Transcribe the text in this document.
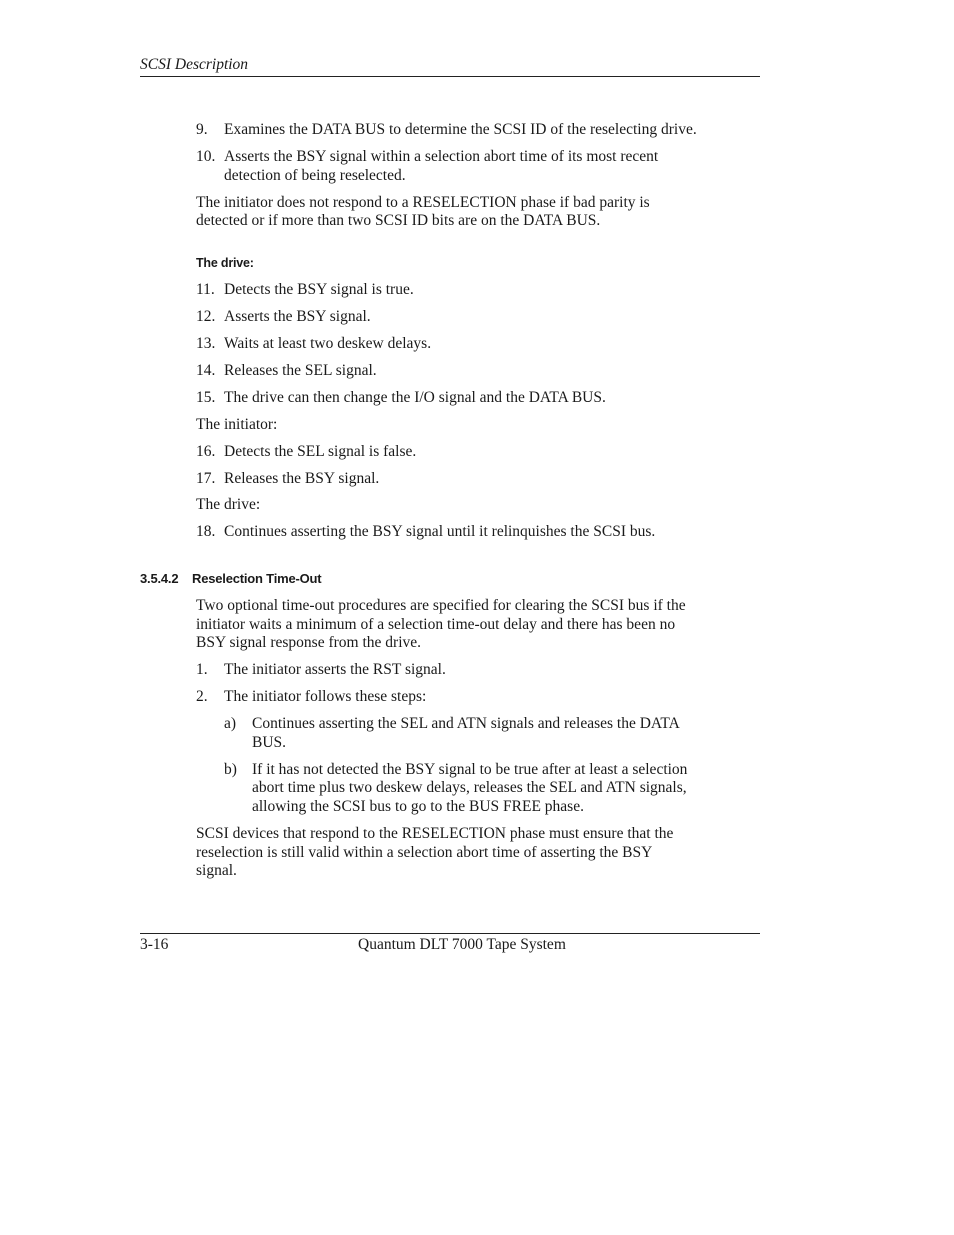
SCSI Description
9. Examines the DATA BUS to determine the SCSI ID of the reselecting drive.
10. Asserts the BSY signal within a selection abort time of its most recent
detection of being reselected.
The initiator does not respond to a RESELECTION phase if bad parity is
detected or if more than two SCSI ID bits are on the DATA BUS.
The drive:
11. Detects the BSY signal is true.
12. Asserts the BSY signal.
13. Waits at least two deskew delays.
14. Releases the SEL signal.
15. The drive can then change the I/O signal and the DATA BUS.
The initiator:
16. Detects the SEL signal is false.
17. Releases the BSY signal.
The drive:
18. Continues asserting the BSY signal until it relinquishes the SCSI bus.
3.5.4.2 Reselection Time-Out
Two optional time-out procedures are specified for clearing the SCSI bus if the
initiator waits a minimum of a selection time-out delay and there has been no
BSY signal response from the drive.
1. The initiator asserts the RST signal.
2. The initiator follows these steps:
a) Continues asserting the SEL and ATN signals and releases the DATA
BUS.
b) If it has not detected the BSY signal to be true after at least a selection
abort time plus two deskew delays, releases the SEL and ATN signals,
allowing the SCSI bus to go to the BUS FREE phase.
SCSI devices that respond to the RESELECTION phase must ensure that the
reselection is still valid within a selection abort time of asserting the BSY
signal.
3-16	Quantum DLT 7000 Tape System
